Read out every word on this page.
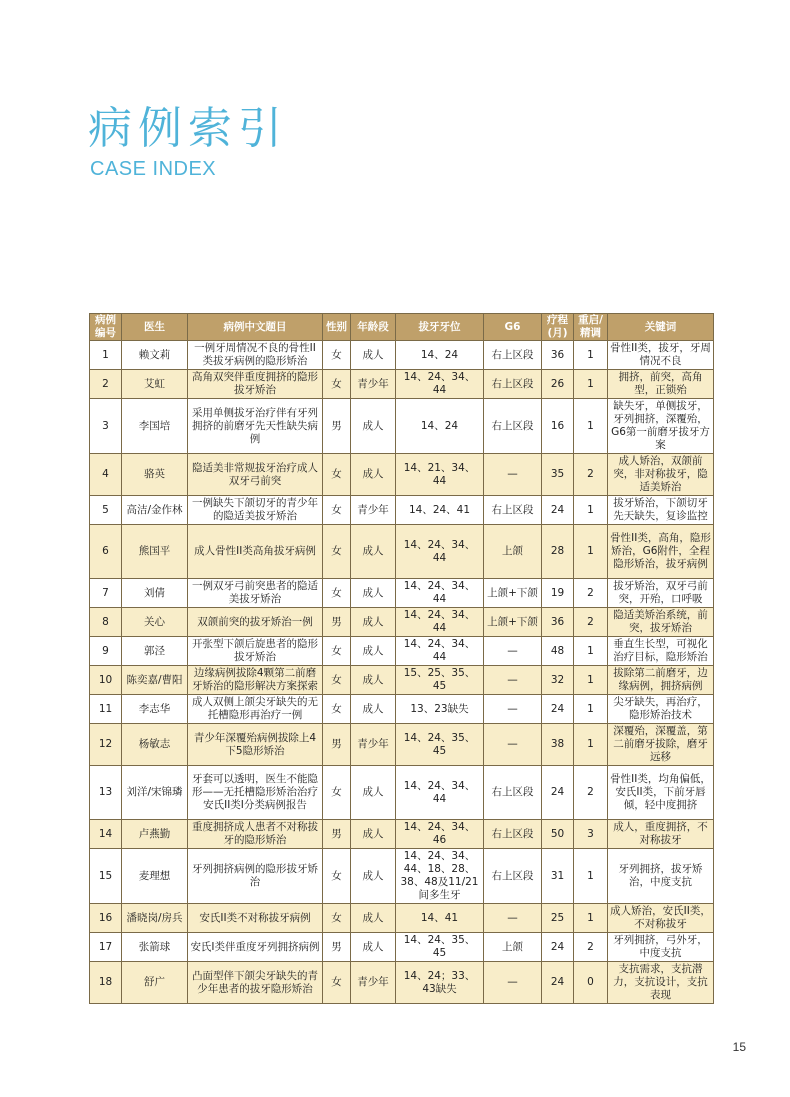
病例索引
CASE INDEX
病例编号	医生	病例中文题目	性别	年龄段	拔牙牙位	G6	疗程(月)	重启/精调	关键词
1	赖文莉	一例牙周情况不良的骨性II类拔牙病例的隐形矫治	女	成人	14、24	右上区段	36	1	骨性II类，拔牙，牙周情况不良
2	艾虹	高角双突伴重度拥挤的隐形拔牙矫治	女	青少年	14、24、34、44	右上区段	26	1	拥挤，前突，高角型，正锁殆
3	李国培	采用单侧拔牙治疗伴有牙列拥挤的前磨牙先天性缺失病例	男	成人	14、24	右上区段	16	1	缺失牙，单侧拔牙，牙列拥挤，深覆殆，G6第一前磨牙拔牙方案
4	骆英	隐适美非常规拔牙治疗成人双牙弓前突	女	成人	14、21、34、44	—	35	2	成人矫治，双颌前突，非对称拔牙，隐适美矫治
5	高洁/金作林	一例缺失下颌切牙的青少年的隐适美拔牙矫治	女	青少年	14、24、41	右上区段	24	1	拔牙矫治，下颌切牙先天缺失，复诊监控
6	熊国平	成人骨性II类高角拔牙病例	女	成人	14、24、34、44	上颌	28	1	骨性II类，高角，隐形矫治，G6附件，全程隐形矫治，拔牙病例
7	刘倩	一例双牙弓前突患者的隐适美拔牙矫治	女	成人	14、24、34、44	上颌+下颌	19	2	拔牙矫治，双牙弓前突，开殆，口呼吸
8	关心	双颌前突的拔牙矫治一例	男	成人	14、24、34、44	上颌+下颌	36	2	隐适美矫治系统，前突，拔牙矫治
9	郭泾	开张型下颌后旋患者的隐形拔牙矫治	女	成人	14、24、34、44	—	48	1	垂直生长型，可视化治疗目标，隐形矫治
10	陈奕嘉/曹阳	边缘病例拔除4颗第二前磨牙矫治的隐形解决方案探索	女	成人	15、25、35、45	—	32	1	拔除第二前磨牙，边缘病例，拥挤病例
11	李志华	成人双侧上颌尖牙缺失的无托槽隐形再治疗一例	女	成人	13、23缺失	—	24	1	尖牙缺失，再治疗，隐形矫治技术
12	杨敏志	青少年深覆殆病例拔除上4下5隐形矫治	男	青少年	14、24、35、45	—	38	1	深覆殆，深覆盖，第二前磨牙拔除，磨牙远移
13	刘洋/宋锦璘	牙套可以透明，医生不能隐形——无托槽隐形矫治治疗安氏II类I分类病例报告	女	成人	14、24、34、44	右上区段	24	2	骨性II类，均角偏低，安氏II类，下前牙唇倾，轻中度拥挤
14	卢燕勤	重度拥挤成人患者不对称拔牙的隐形矫治	男	成人	14、24、34、46	右上区段	50	3	成人，重度拥挤，不对称拔牙
15	麦理想	牙列拥挤病例的隐形拔牙矫治	女	成人	14、24、34、44、18、28、38、48及11/21间多生牙	右上区段	31	1	牙列拥挤，拔牙矫治，中度支抗
16	潘晓岗/房兵	安氏II类不对称拔牙病例	女	成人	14、41	—	25	1	成人矫治，安氏II类，不对称拔牙
17	张箭球	安氏I类伴重度牙列拥挤病例	男	成人	14、24、35、45	上颌	24	2	牙列拥挤，弓外牙，中度支抗
18	舒广	凸面型伴下颌尖牙缺失的青少年患者的拔牙隐形矫治	女	青少年	14、24；33、43缺失	—	24	0	支抗需求，支抗潜力，支抗设计，支抗表现
15
